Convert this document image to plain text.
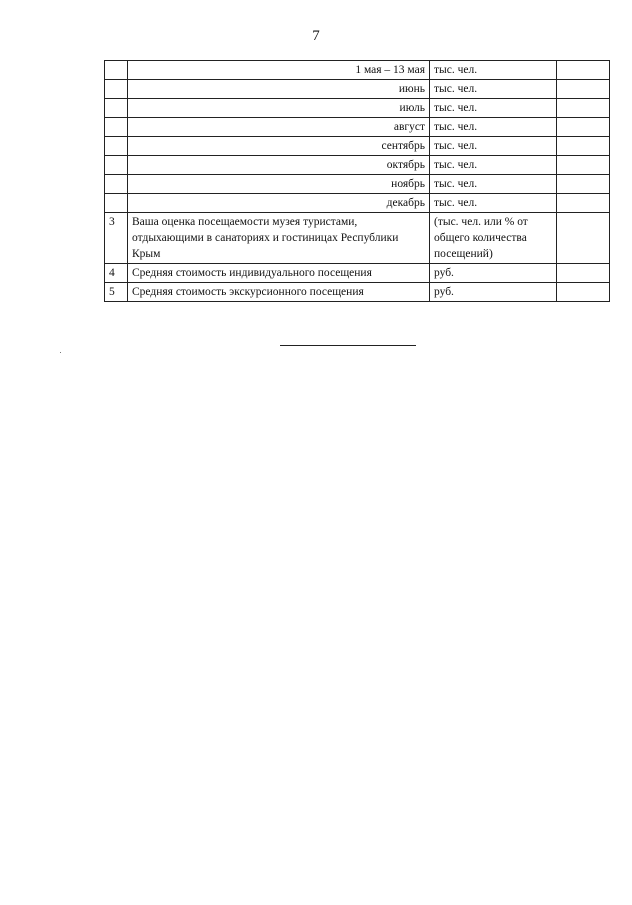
7
	1 мая – 13 мая	тыс. чел.	
	июнь	тыс. чел.	
	июль	тыс. чел.	
	август	тыс. чел.	
	сентябрь	тыс. чел.	
	октябрь	тыс. чел.	
	ноябрь	тыс. чел.	
	декабрь	тыс. чел.	
3	Ваша оценка посещаемости музея туристами, отдыхающими в санаториях и гостиницах Республики Крым	(тыс. чел. или % от общего количества посещений)	
4	Средняя стоимость индивидуального посещения	руб.	
5	Средняя стоимость экскурсионного посещения	руб.	
